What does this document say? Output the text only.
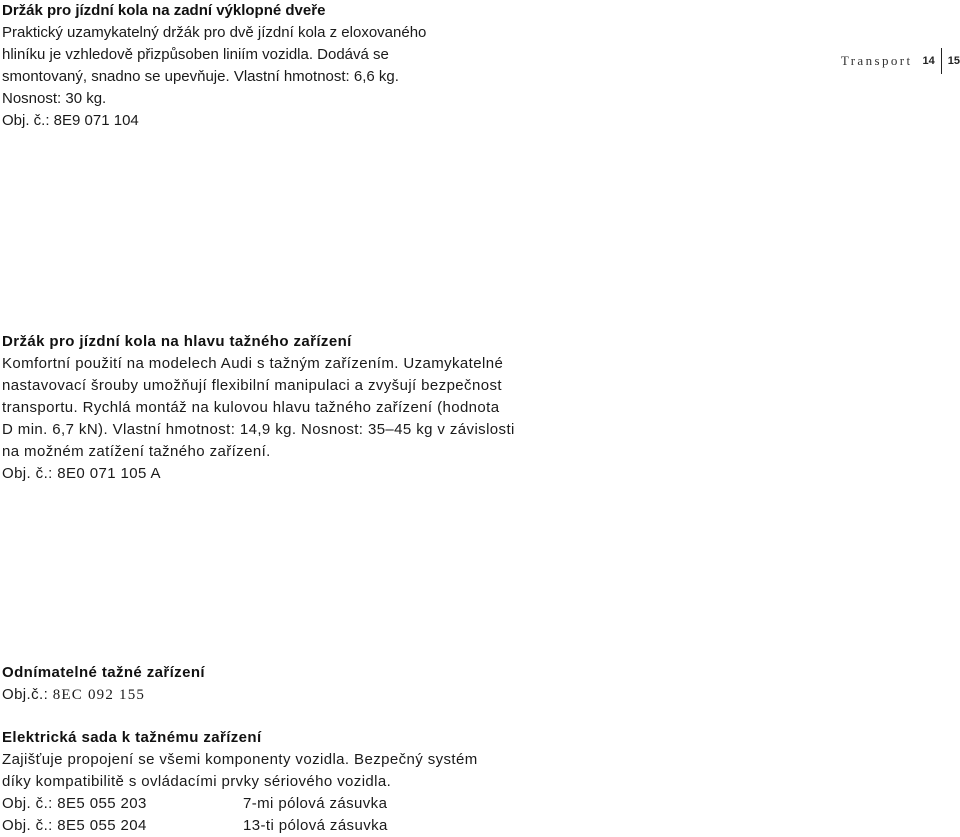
Transport 14 15

Držák pro jízdní kola na zadní výklopné dveře

Praktický uzamykatelný držák pro dvě jízdní kola z eloxovaného

hliníku je vzhledově přizpůsoben liniím vozidla. Dodává se

smontovaný, snadno se upevňuje. Vlastní hmotnost: 6,6 kg.

Nosnost: 30 kg.

Obj. č.: 8E9 071 104

Držák pro jízdní kola na hlavu tažného zařízení

Komfortní použití na modelech Audi s tažným zařízením. Uzamykatelné

nastavovací šrouby umožňují flexibilní manipulaci a zvyšují bezpečnost

transportu. Rychlá montáž na kulovou hlavu tažného zařízení (hodnota

D min. 6,7 kN). Vlastní hmotnost: 14,9 kg. Nosnost: 35–45 kg v závislosti

na možném zatížení tažného zařízení.

Obj. č.: 8E0 071 105 A

Odnímatelné tažné zařízení

Obj.č.: 8EC 092 155

Elektrická sada k tažnému zařízení

Zajišťuje propojení se všemi komponenty vozidla. Bezpečný systém

díky kompatibilitě s ovládacími prvky sériového vozidla.

Obj. č.: 8E5 055 203	7-mi pólová zásuvka
Obj. č.: 8E5 055 204	13-ti pólová zásuvka
